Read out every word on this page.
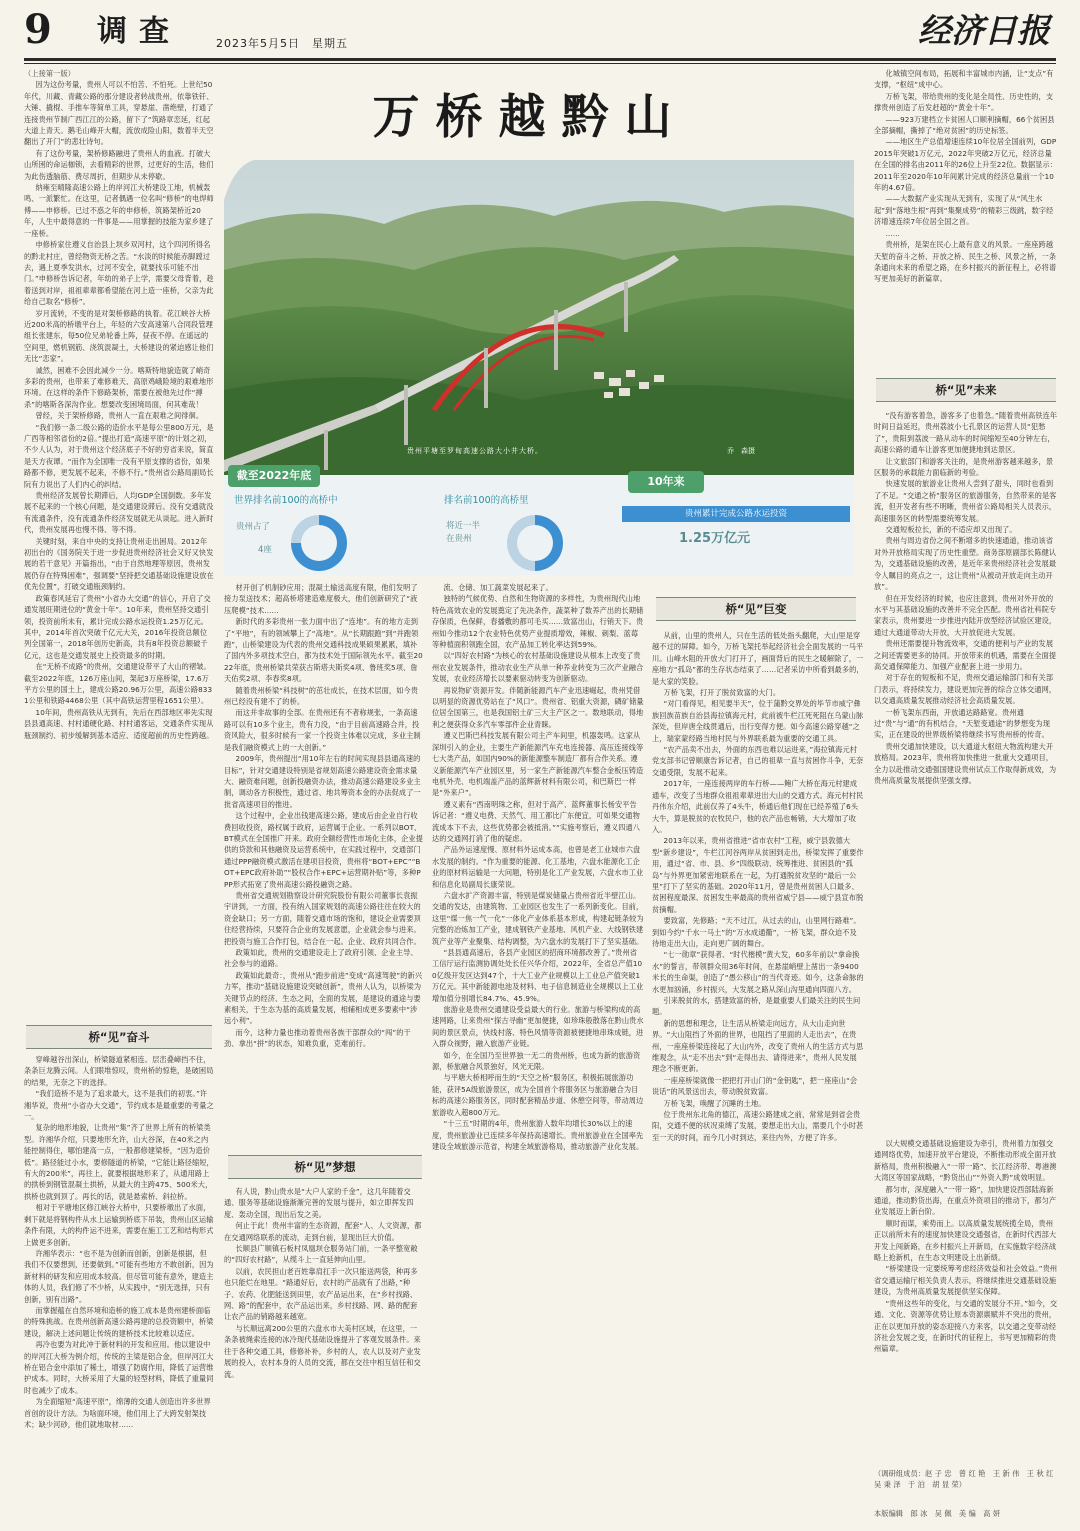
9 调查	2023年5月5日　星期五	经济日报
（上接第一版）
因为这份考量，贵州人可以不怕苦、不怕死。上世纪50年代，川藏、青藏公路的那分建设者转战贵州，依靠铁钎、大锤、撬棍、手推车等简单工具，穿悬崖、凿绝壁，打通了连接贵州节制广西江江的公路，留下了“筑路章恋延，红起大道上青天。鹅毛山峰开大帽，流放成险山阳，数着半天空翻出了开门”的悲壮诗句。
有了这份考量，架桥修路融进了贵州人的血液。打破大山所困的命运枷锁，去看精彩的世界，过更好的生活，他们为此伤透脑筋、费尽周折，但期步从未停歇。
纳雍至晴隆高速公路上的岸河江大桥建设工地，机械轰鸣、一派繁忙。在这里，记者偶遇一位名叫“修桥”的电焊师傅——申修桥。已过不惑之年的申修桥，筑路架桥近20年，人生中最得意的一件事是——用掌握的技能为家乡建了一座桥。
申修桥家住遵义自治县上坝乡双河村，这个四河所得名的黔北村庄，曾经物资无桥之苦。“水淡的时候能赤脚蹚过去，遇上夏季发洪水，过河不安全，就要找乐可能不出门。”申修桥告诉记者，年幼的弟子上学，需要父母背着，趁着送到对岸，祖祖辈辈都希望能在河上造一座桥，父亲为此给自己取名“修桥”。
岁月流转，不变的是对架桥修路的执着。花江峡谷大桥近200米高的桥墩平台上，年轻的六安高速第八合同段管理组长张建东，每50位兄弟轮番上阵，昼夜不停。在遥远的空间里，燃机钢筋、浇筑混凝土，大桥建设的紧迫感让他们无比“恋家”。
诚然，困难不会因此减少一分。喀斯特地貌造就了峭奇多彩的贵州，也带来了难修难天、高原鸡峨险境的艰难地形环境。在这样的条件下修路架桥，需要在被他先过作“搏杀”的喀斯各深沟作业。想要改变困境局面，何其难哉！
曾经，关于架桥修路，贵州人一直在艰难之间徘徊。
“我们修一条二级公路的造价水平是每公里800万元，是广西等相邻省份的2倍。”提出打造“高速平原”的计划之初，不少人认为，对于贵州这个经济底子不好的穷省来说，简直是天方夜谭。“而作为全国唯一没有平原支撑的省份，如果路都不修，更发展不起来，不修不行。”贵州省公路局副局长阮有力说出了人们内心的纠结。
贵州经济发展曾长期滞后，人均GDP全国倒数。多年发展不起来的一个核心问题，是交通建设滞后。没有交通就没有流通条件，没有流通条件经济发展就无从谈起。进入新时代，贵州发展再也慢不得、等不得。
关键时刻，来自中央的支持让贵州走出困局。2012年初出台的《国务院关于进一步促进贵州经济社会又好又快发展的若干意见》开篇指出，“由于自然地理等原因，贵州发展仍存在特殊困难”，强调要“坚持把交通基础设施建设放在优先位置”，打破交通瓶颈制约。
政策春风延宕了贵州“小省办大交通”的信心，开启了交通发展旺期进位的“黄金十年”。10年来，贵州坚持交通引领，投资前所未有，累计完成公路水运投资1.25万亿元。其中，2014年首次突破千亿元大关，2016年投资总额位列全国第一，2018年创历史新高，共有8年投资总额破千亿元，这也是交通发展史上投资最多的时期。
在“无桥不成路”的贵州，交通建设带平了大山的褶皱。截至2022年底，126万座山间，架起3万座桥梁，17.6万平方公里的国土上，建成公路20.96万公里，高速公路8331公里和铁路4468公里（其中高铁运营里程1651公里）。
10年间，贵州高铁从无到有，先后在西部地区率先实现县县通高速、村村通硬化路、村村通客运，交通条件实现从瓶颈制约、初步缓解到基本适应、适度超前的历史性跨越。
桥“见”奋斗
穿峰越谷出深山，桥梁隧道紧相连。层峦叠嶂挡不住，条条巨龙腾云间。人们眼堆惊叹，贵州桥的惊艳，是破困局的结果，无奈之下的选择。
“我们造桥不是为了追求最大，这不是我们的初衷。”许湘华说，贵州“小省办大交通”，节约成本是最重要的考量之一。
复杂的地形地貌，让贵州“集”齐了世界上所有的桥梁类型。许湘华介绍，只要地形允许，山大谷深，在40米之内能控制得住，哪怕建高一点，一般都修建梁桥，“因为造价低”。路径能过小水，要修隧道的桥梁，“它能让路径缩短，有大的200米”，再往上，就要根据地形来了，从通用路上的拱桥到钢管混凝土拱桥，从最大的主跨475、500米大，拱桥也就到顶了。再长的话，就是悬索桥、斜拉桥。
相对于平塘地区修江峡谷大桥中，只要桥墩出了水面，剩下就是将钢构件从水上运输到桥底下吊装，贵州山区运输条件有限，大的构件运不进来，需要在施工工艺和结构形式上做更多创新。
许湘华表示：“也不是为创新而创新，创新是根据，但我们不仅要想到，还要做到。”可能有些地方不敢创新，因为新材料的研发和应用成本较高。但尽管可能有意外，建造主体的人员，我们修了不少桥，从实践中，“别无选择，只有创新，别有出路”。
而掌握蕴在自然环境和造桥的施工成本是贵州建桥面临的特殊挑战。在贵州创新高速公路再建的总投资额中，桥梁建设，解决上述问题让传统的建桥技术比较难以适应。
再冷也要为对此冲于新材料的开发和应用。他以建设中的岸河江大桥为例介绍，传统的主梁是铝合金，但岸河江大桥在铝合金中添加了稀土，增强了防腐作用，降低了运营维护成本。同时，大桥采用了大量的轻型材料，降低了重量同时也减少了成本。
为全面缩短“高速平原”，绵薄的交通人创造出许多世界首创的设计方法。为啥面环境，他们用上了大跨发射架技术；缺少河砂，他们就地取材……
万桥越黔山
贵州平塘至罗甸高速公路大小井大桥。	乔　森摄
截至2022年底
世界排名前100的高桥中
贵州占了
4座
排名前100的高桥里
将近一半
在贵州
10年来
贵州累计完成公路水运投资
1.25万亿元
材开创了机制砂应用；混凝土输送高度有限，他们发明了接力泵送技术；超高桥塔建造难度极大，他们创新研究了“液压爬模”技术……
新时代的多彩贵州一张力面中出了“连地”。有的地方走到了“平地”，有的领域攀上了“高地”。从“长期跟跑”到“并跑领跑”，山桥梁建设为代表的贵州交通科技成果硕果累累，填补了国内外多项技术空白，都为技术处于国际领先水平。截至2022年底，贵州桥梁共荣获古斯塔夫斯奖4项、鲁班奖5项、詹天佑奖2项、李春奖8项。
随着贵州桥梁“科技树”的茁壮成长，在技术层面，如今贵州已经没有建不了的桥。
而这并非故事的全部。在贵州还有不者称规张，一条高速路可以有10多个业主，贵有力没，“由于目前高速路合并，投资风险大，很多时候有一家一个投资主体难以完成，多业主制是我们融资模式上的一大创新。”
2009年，贵州提出“用10年左右的时间实现县县通高速的目标”，针对交通建设特别是省规划高速公路建设资金需求量大、融资难问题，创新投融资办法，推动高速公路建设多业主制，调动各方积极性，通过省、地共筹资本金的办法促成了一批省高速项目的推进。
这个过程中，企业出钱建高速公路，建成后由企业自行收费回收投资，路权属于政府，运营属于企业。一系列以BOT、BT模式在全国推广开来。政府全额经营性市场化主体，企业提供的贷款和其他融资及运营系统中，在实践过程中，交通部门通过PPP融资模式激活在建项目投资，贵州将“BOT+EPC”“BOT+EPC政府补助”“股权合作+EPC+运营期补贴”等，多种PPP形式拓宽了贵州高速公路投融资之路。
贵州省交通规划勘察设计研究院股份有限公司董事长袁振宇讲到，一方面，投有纳入国家规划的高速公路往往在较大的资金缺口；另一方面，随着交通市场的饱和，建设企业需要顶住经营持续，只要符合企业的发展意愿，企业就会参与进来。把投资与施工合作打包，结合在一起。企业、政府共同合作。
政策如此，贵州的交通建设走上了政府引领、企业主导、社会参与的道路。
政策如此最奇：，贵州从“跑步前进”变成“高速驾驶”的新兴力军，推动“基础设施建设突破创新”，贵州人认为，以桥梁为关键节点的经济、生态之间，全面的发展，是建设的通途与要素相关，于生态为基的高质量发展，相辅相成更多要素中“涉远小利”。
而今，这种力量也推动着贵州各族干部群众的“闯”的干劲、拿出“拼”的状态，知难负重，克难前行。
桥“见”梦想
有人说，黔山贵水是“大户人家的千金”，这几年随着交通、服务等基础设施渐渐完善的发展与提升，如立即挥发四度、轰动全国，现出后发之美。
何止于此！贵州丰富的生态资源，配套“人、人文资源，都在交通网络联系的流动，走到台前，显现出巨大价值。
长顺县广顺镇石板村凤凰坝仓服务站门前，一条平整宽敞的“四好农村路”，从缆斗上一直延伸向山里。
以前，农民担山老百姓靠肩扛手一次只能送两袋，种再多也只能烂在地里。“路通好后，农村的产品就有了出路，”种子、农药、化肥能送到田里，农产品运出来，在“乡村找路、网、路”的配套中，农产品运出来，乡村找路、网、路的配套让农产品的销路越来越宽。
与长顺远离200公里的六盘水市大美村区域，在这里，一条条被绳索连接的冰冷现代基础设施提升了客观发展条件。来往于各种交通工具，修修补补，乡村的人，农人以及对产业发展的投入，农村本身的人员的交流，都在交往中相互信任和交流。
流、仓储、加工蔬菜发展起来了。
独特的气候优势、自然和生物资源的多样性，为贵州现代山地特色高效农业的发展奠定了先决条件，蔬菜种了数养产出的长期储存保质，色保鲜，春播敷的都可毛买……致富出山，行销天下。贵州如今推动12个农业特色优势产业提质增效，辣椒、刺梨、蓝莓等种植面积领跑全国，农产品加工转化率达到59%。
以“四好农村路”为核心的农村基础设施建设从根本上改变了贵州农业发展条件，推动农业生产从单一种养业转变为三次产业融合发展，农业经济增长以要素驱动转变为创新驱动。
再说物矿资源开发。伴随新能源汽车产业迅速崛起，贵州凭借以明显的资源优势站在了“风口”。贵州省、铝重大资源，磷矿储量位居全国第三，也是我国铝土矿三大主产区之一。数地联动，得地利之便获得众多汽车零部件企业青睐。
遵义巴斯巴科技发展有限公司主产车间里，机器轰鸣。这家从深圳引入的企业，主要生产新能源汽车充电连接器、高压连接线等七大类产品，如国内90%的新能源整车制造厂都有合作关系。遵义新能源汽车产业园区里，另一家生产新能源汽车整合金板压铸造电机外壳、电机端盖产品的蓝辉新材料有限公司，和巴斯巴一样是“外来户”。
遵义素有“西南明珠之称，但对于高产、蓝辉董事长杨安平告诉记者：“遵义电费、天然气、用工都比广东便宜，可如果交通物流成本下不去，这些优势都会被抵消。”“实施考察后，遵义四通八达的交通网打消了他的疑虑。
产品外运速度慢、原材料外运成本高，也曾是老工业城市六盘水发展的制约。“作为重要的能源、化工基地，六盘水能源化工企业的原材料运输是一大问题，特别是化工产业发展，六盘水市工业和信息化局副局长康荣说。
六盘水扩产资源丰富，特别是煤炭储量占贵州省近半壁江山。交通的发达，由建筑物、工业园区也发生了一系列新变化。目前，这里“煤一焦一气一化”一体化产业体系基本形成，构建起链条较为完整的冶炼加工产业，建成钢铁产业基地、风机产业、大线钢铁建筑产业等产业聚集、结构调整，为六盘水的发展打下了坚实基础。
“县县通高速后，各县产业园区的招商环境都改善了。”贵州省工信厅运行监测协调处处长任兴华介绍，2022年，全省总产值100亿级开发区达到47个，十大工业产业规模以上工业总产值突破1万亿元。其中新能源电池及材料、电子信息制造业全规模以上工业增加值分别增长84.7%、45.9%。
旅游业是贵州交通建设受益最大的行业。旅游与桥梁构成的高速网路，让来贵州“探古寻幽”更加便捷，如珍珠般散落在黔山贵水间的景区景点，快线村落、特色风情等资源被便捷地串珠成链，进入群众视野，融入旅游产业链。
如今，在全国乃至世界独一无二的贵州桥，也成为新的旅游资源，桥旅融合风景独好，风光无限。
与平塘大桥相呼而生的“天空之桥”服务区，积极拓展旅游功能，获评5A级旅游景区，成为全国首个将服务区与旅游融合为目标的高速公路服务区，同时配套精品步道、休憩空间等，带动周边旅游收入超800万元。
“十三五”时期的4年，贵州旅游人数年均增长30%以上的速度，贵州旅游业已连续多年保持高速增长。贵州旅游业在全国率先建设全域旅游示范省，构建全域旅游格局，推动旅游产业化发展。
桥“见”巨变
从前，山里的贵州人，只在生活的低处指头翻爬，大山里是穿越不过的屏障。如今，万桥飞架托举起经济社会全面发展的一马平川。山峰水阻的开放大门打开了，画面背后的民生之暖解除了，一座地方“孤岛”都的生存状态结束了……记者采访中所看到最多的，是大家的笑脸。
万桥飞架，打开了脱贫致富的大门。
“对门看得见，相见要半天”，位于蒲黔交界处的毕节市威宁彝族回族苗族自治县海拉镇海元村，此前被牛栏江死死阻在乌蒙山脉深处，但岸唐全线贯通后，出行变得方便。如今高速公路穿越“之上，瑞家蒙经路当地村民与外界联系最为重要的交通工具。
“农产品卖不出去，外面的东西也难以运进来，”海拉镇海元村党支部书记曾顺康告诉记者，自己的祖辈一直与贫困作斗争，无奈交通受限，发展不起来。
2017年，一座连接两岸的车行桥——鲍广大桥在海元村建成通车，改变了当地群众祖祖辈辈进出大山的交通方式。海元村村民丹伟东介绍，此前仅养了4头牛，桥通后他们现在已经养殖了6头大牛，算是脱贫的农牧民户，他的农产品也畅销，大大增加了收入。
2013年以来，贵州省推进“省市农村”工程，威宁县敦德大型“新乡建设”，牛栏江河谷两岸从贫困到走出，桥梁发挥了重要作用，通过“省、市、县、乡”四级联动、统筹推进、贫困县的“孤岛”与外界更加紧密地联系在一起，为打通脱贫攻坚的“最后一公里”打下了坚实的基础。2020年11月，曾是贵州贫困人口最多、贫困程度最深、贫困发生率最高的贵州省威宁县——威宁县宣布脱贫摘帽。
要致富，先修路；“天不过江，从过去的山，山里网行路难”。到如今约“千水一马土”的“万水成通衢”，一桥飞架，群众迫不及待地走出大山，走向更广阔的舞台。
“七一勋章”获得者、“时代楷模”黄大发，60多年前以“拿命换水”的誓言，带领群众用36年时间，在悬崖峭壁上凿出一条9400米长的生命渠，创造了“愚公移山”的当代奇迹。如今，这条命脉的水更加汹涌，乡村振兴，大发展之路从深山沟里通向四面八方。
引来脱贫的水，搭建致富的桥，是最重要人们最关注的民生问题。
新的思想和理念，让生活从桥梁走向远方，从大山走向世界。“大山阻挡了外面的世界，也阻挡了里面的人走出去”，在贵州，一座座桥梁连接起了大山内外，改变了贵州人的生活方式与思维观念，从“走不出去”到“走得出去、请得进来”，贵州人民发展理念不断更新。
一座座桥梁就像一把把打开山门的“金钥匙”，把一座座山“会说话”的风景送出去，带动脱贫致富。
万桥飞架，唤醒了沉睡的土地。
位于贵州东北角的德江，高速公路建成之前，常常是到省会贵阳，交通不便的状况束缚了发展，要想走出大山，需要几个小时甚至一天的时间，而今几小时到达，来往内外，方便了许多。
化城镇空间布局，拓展和丰富城市内涵，让“支点”有支撑，“枢纽”成中心。
万桥飞架，带给贵州的变化是全局性、历史性的，支撑贵州创造了后发赶超的“黄金十年”。
——923万建档立卡贫困人口顺利摘帽，66个贫困县全部摘帽，撕掉了“绝对贫困”的历史标签。
——地区生产总值增速连续10年位居全国前列，GDP2015年突破1万亿元，2022年突破2万亿元，经济总量在全国的排名由2011年的26位上升至22位。数据显示：2011年至2020年10年间累计完成的经济总量前一个10年的4.67倍。
——大数据产业实现从无到有，实现了从“风生水起”到“落地生根”再到“集聚成势”的精彩三级跳，数字经济增速连续7年位居全国之首。
……
贵州桥，是架在民心上最有意义的风景。一座座跨越天堑的奋斗之桥、开放之桥、民生之桥、风景之桥，一条条通向未来的希望之路，在乡村振兴的新征程上，必将谱写更加美好的新篇章。
桥“见”未来
“没有游客着急，游客多了也着急。”随着贵州高铁连年时间日益延迟，贵州荔波小七孔景区的运营人员“犯愁了”，贵阳到荔波一路从动车的时间缩短至40分钟左右，高速公路的通车让游客更加便捷地到达景区。
让文旅部门和游客关注的，是贵州游客越来越多，景区服务的承载能力面临新的考验。
快速发展的旅游业让贵州人尝到了甜头，同时也看到了不足。“交通之桥”服务区的旅游服务，自然带来的是客流，但开发者有些不明晰，贵州省公路局相关人员表示，高速服务区的转型需要统筹发展。
交通短板拉长，新的不适应却又出现了。
贵州与周边省份之间不断增多的快速通道，推动该省对外开放格局实现了历史性重塑。商务部原副部长陈健认为，交通基础设施的改善，是近年来贵州经济社会发展最令人瞩目的亮点之一，这让贵州“从被动开放走向主动开放”。
但在开发经济的时候，也应注意到，贵州对外开放的水平与其基础设施的改善并不完全匹配。贵州省社科院专家表示，贵州要进一步推进内陆开放型经济试验区建设，通过大通道带动大开放，大开放促进大发展。
贵州还需要提升物流效率，交通的便利与产业的发展之间还需要更多的协同。开放带来的机遇，需要在全面提高交通保障能力、加强产业配套上进一步用力。
对于存在的短板和不足，贵州交通运输部门和有关部门表示，将持续发力，建设更加完善的综合立体交通网，以交通高质量发展推动经济社会高质量发展。
一桥飞架东西南，开放通达路路宽。贵州通过“贵”与“通”的有机结合，“天堑变通途”的梦想变为现实，正在建设的世界级桥梁将继续书写贵州桥的传奇。
贵州交通加快建设，以大通道大枢纽大物流构建大开放格局。2023年，贵州将加快推进一批重大交通项目，全力以赴推动交通强国建设贵州试点工作取得新成效，为贵州高质量发展提供坚强支撑。
以大规模交通基础设施建设为牵引，贵州着力加强交通网络优势，加速开放平台建设，不断推动形成全面开放新格局，贵州积极融入“一带一路”、长江经济带、粤港澳大湾区等国家战略，“黔货出山”“外资入黔”成效明显。
都匀市，深度融入“一带一路”，加快建设西部陆海新通道，推动黔货出海，在重点外资项目的推动下，都匀产业发展迈上新台阶。
顺时而谋，乘势而上。以高质量发展统揽全局，贵州正以前所未有的速度加快建设交通强省，在新时代西部大开发上闯新路，在乡村振兴上开新局，在实施数字经济战略上抢新机，在生态文明建设上出新绩。
“桥梁建设一定要统筹考虑经济效益和社会效益。”贵州省交通运输厅相关负责人表示，将继续推进交通基础设施建设，为贵州高质量发展提供坚实保障。
“贵州这些年的变化，与交通的发展分不开。”如今，交通、文化、资源等优势让原本资源禀赋并不突出的贵州，正在以更加开放的姿态迎接八方来客，以交通之变带动经济社会发展之变，在新时代的征程上，书写更加精彩的贵州篇章。
（调研组成员：赵 子 忠　曾 红 艳　王 新 伟　王 秋 红　吴 秉 泽　于 泊　胡 显 荣）
本版编辑　郎 冰　吴 佩　美 编　高 妍
